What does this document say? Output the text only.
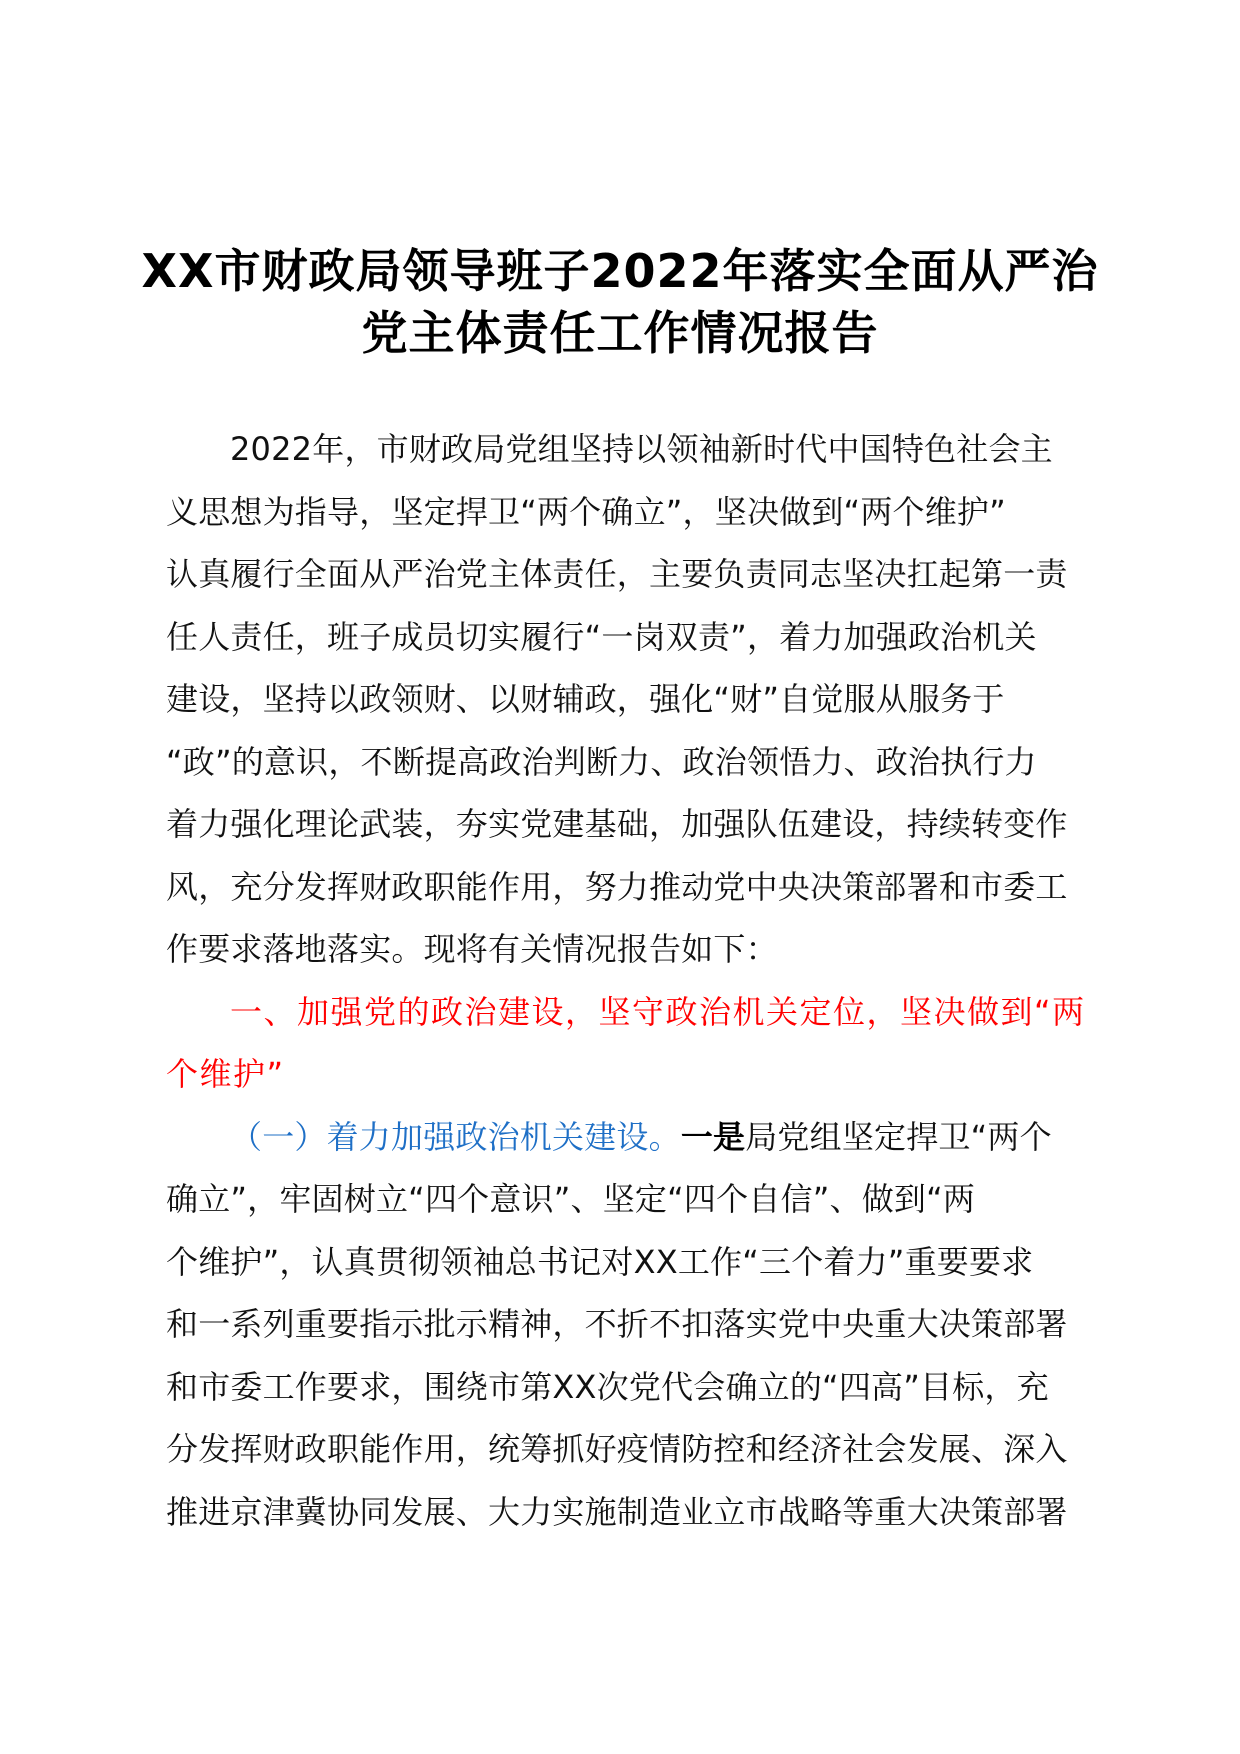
XX市财政局领导班子2022年落实全面从严治
党主体责任工作情况报告
2022年，市财政局党组坚持以领袖新时代中国特色社会主
义思想为指导，坚定捍卫“两个确立”，坚决做到“两个维护”
认真履行全面从严治党主体责任，主要负责同志坚决扛起第一责
任人责任，班子成员切实履行“一岗双责”，着力加强政治机关
建设，坚持以政领财、以财辅政，强化“财”自觉服从服务于
“政”的意识，不断提高政治判断力、政治领悟力、政治执行力
着力强化理论武装，夯实党建基础，加强队伍建设，持续转变作
风，充分发挥财政职能作用，努力推动党中央决策部署和市委工
作要求落地落实。现将有关情况报告如下：
一、加强党的政治建设，坚守政治机关定位，坚决做到“两
个维护”
（一）着力加强政治机关建设。一是局党组坚定捍卫“两个
确立”，牢固树立“四个意识”、坚定“四个自信”、做到“两
个维护”，认真贯彻领袖总书记对XX工作“三个着力”重要要求
和一系列重要指示批示精神，不折不扣落实党中央重大决策部署
和市委工作要求，围绕市第XX次党代会确立的“四高”目标，充
分发挥财政职能作用，统筹抓好疫情防控和经济社会发展、深入
推进京津冀协同发展、大力实施制造业立市战略等重大决策部署
